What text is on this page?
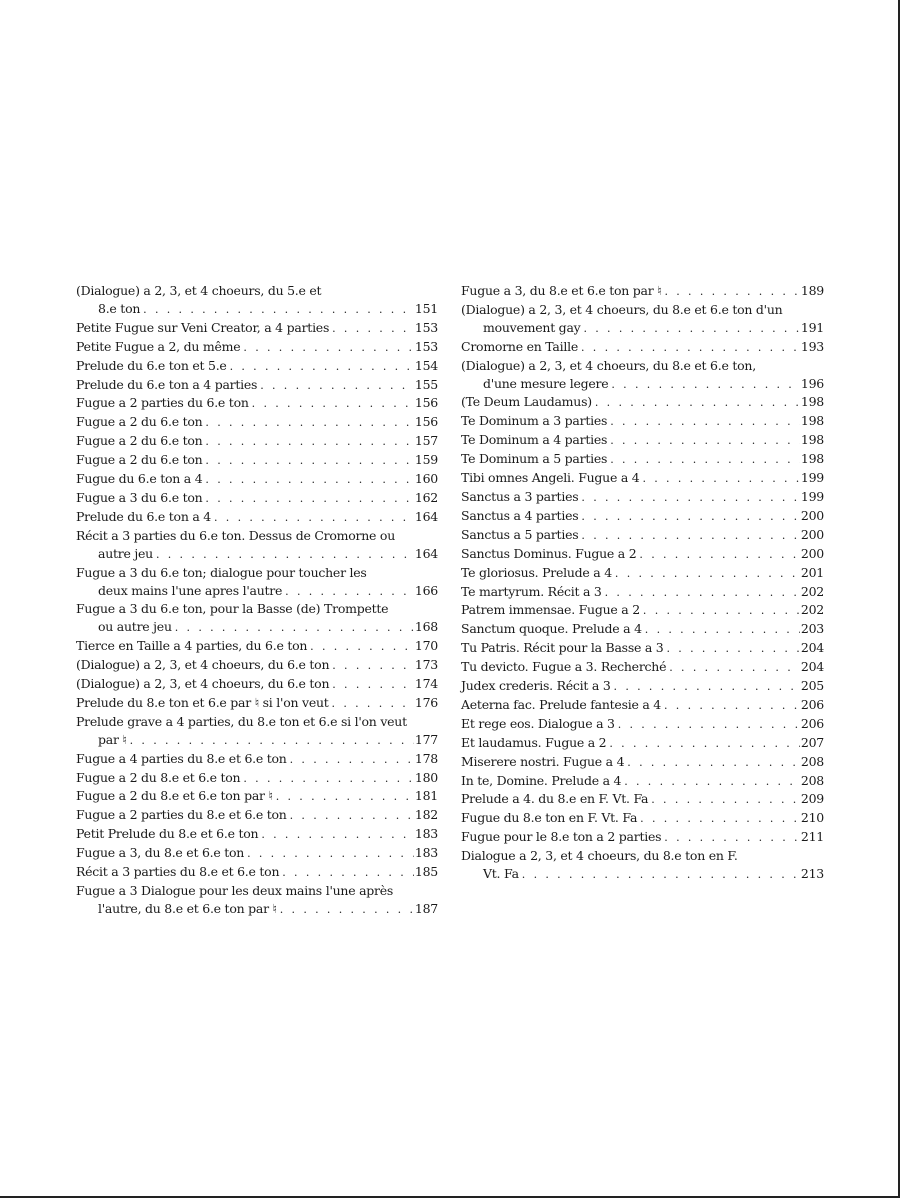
(Dialogue) a 2, 3, et 4 choeurs, du 5.e et
8.e ton . . .	151
Petite Fugue sur Veni Creator, a 4 parties . . .	153
Petite Fugue a 2, du même . . .	153
Prelude du 6.e ton et 5.e . . .	154
Prelude du 6.e ton a 4 parties . . .	155
Fugue a 2 parties du 6.e ton . . .	156
Fugue a 2 du 6.e ton . . .	156
Fugue a 2 du 6.e ton . . .	157
Fugue a 2 du 6.e ton . . .	159
Fugue du 6.e ton a 4 . . .	160
Fugue a 3 du 6.e ton . . .	162
Prelude du 6.e ton a 4 . . .	164
Récit a 3 parties du 6.e ton. Dessus de Cromorne ou
autre jeu . . .	164
Fugue a 3 du 6.e ton; dialogue pour toucher les
deux mains l'une apres l'autre . . .	166
Fugue a 3 du 6.e ton, pour la Basse (de) Trompette
ou autre jeu . . .	168
Tierce en Taille a 4 parties, du 6.e ton . . .	170
(Dialogue) a 2, 3, et 4 choeurs, du 6.e ton . . .	173
(Dialogue) a 2, 3, et 4 choeurs, du 6.e ton . . .	174
Prelude du 8.e ton et 6.e par ♮ si l'on veut . . .	176
Prelude grave a 4 parties, du 8.e ton et 6.e si l'on veut
par ♮ . . .	177
Fugue a 4 parties du 8.e et 6.e ton . . .	178
Fugue a 2 du 8.e et 6.e ton . . .	180
Fugue a 2 du 8.e et 6.e ton par ♮ . . .	181
Fugue a 2 parties du 8.e et 6.e ton . . .	182
Petit Prelude du 8.e et 6.e ton . . .	183
Fugue a 3, du 8.e et 6.e ton . . .	183
Récit a 3 parties du 8.e et 6.e ton . . .	185
Fugue a 3 Dialogue pour les deux mains l'une après
l'autre, du 8.e et 6.e ton par ♮ . . .	187
Fugue a 3, du 8.e et 6.e ton par ♮ . . .	189
(Dialogue) a 2, 3, et 4 choeurs, du 8.e et 6.e ton d'un
mouvement gay . . .	191
Cromorne en Taille . . .	193
(Dialogue) a 2, 3, et 4 choeurs, du 8.e et 6.e ton,
d'une mesure legere . . .	196
(Te Deum Laudamus) . . .	198
Te Dominum a 3 parties . . .	198
Te Dominum a 4 parties . . .	198
Te Dominum a 5 parties . . .	198
Tibi omnes Angeli. Fugue a 4 . . .	199
Sanctus a 3 parties . . .	199
Sanctus a 4 parties . . .	200
Sanctus a 5 parties . . .	200
Sanctus Dominus. Fugue a 2 . . .	200
Te gloriosus. Prelude a 4 . . .	201
Te martyrum. Récit a 3 . . .	202
Patrem immensae. Fugue a 2 . . .	202
Sanctum quoque. Prelude a 4 . . .	203
Tu Patris. Récit pour la Basse a 3 . . .	204
Tu devicto. Fugue a 3. Recherché . . .	204
Judex crederis. Récit a 3 . . .	205
Aeterna fac. Prelude fantesie a 4 . . .	206
Et rege eos. Dialogue a 3 . . .	206
Et laudamus. Fugue a 2 . . .	207
Miserere nostri. Fugue a 4 . . .	208
In te, Domine. Prelude a 4 . . .	208
Prelude a 4. du 8.e en F. Vt. Fa . . .	209
Fugue du 8.e ton en F. Vt. Fa . . .	210
Fugue pour le 8.e ton a 2 parties . . .	211
Dialogue a 2, 3, et 4 choeurs, du 8.e ton en F.
Vt. Fa . . .	213
